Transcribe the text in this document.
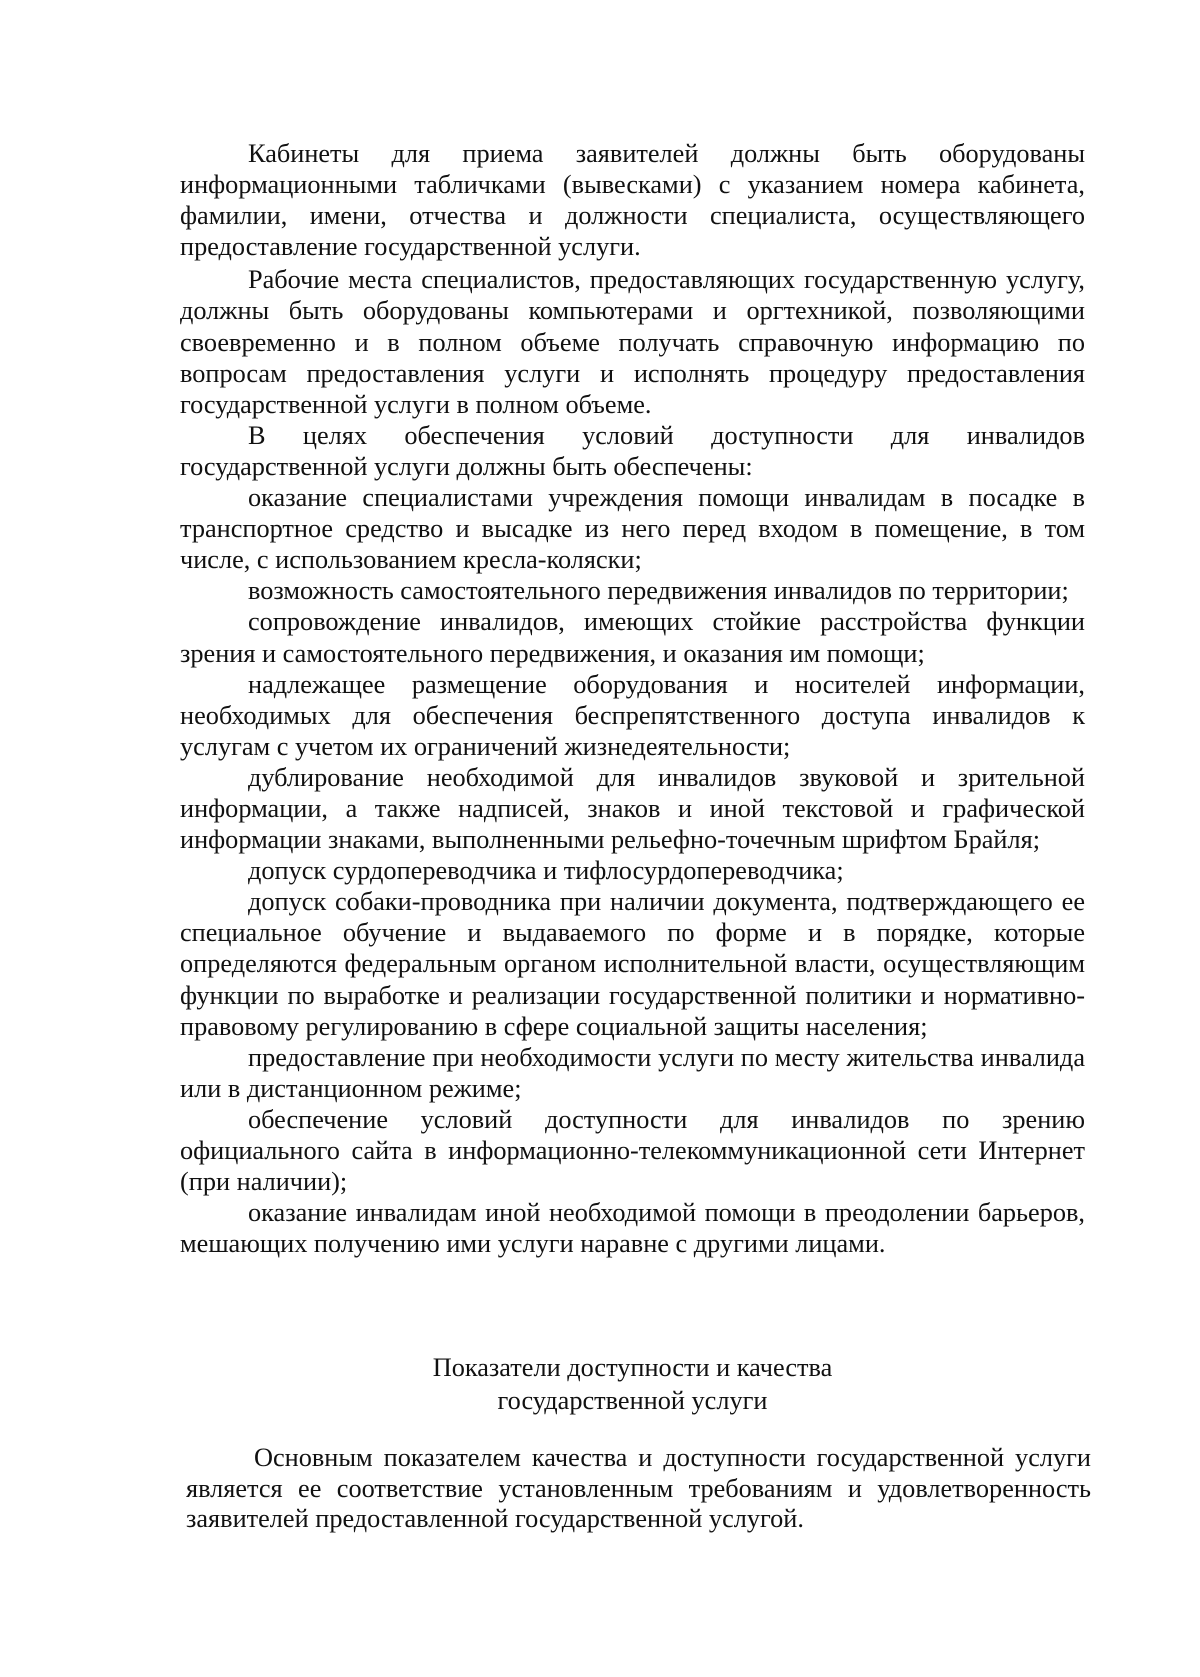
Кабинеты для приема заявителей должны быть оборудованы информационными табличками (вывесками) с указанием номера кабинета, фамилии, имени, отчества и должности специалиста, осуществляющего предоставление государственной услуги.

Рабочие места специалистов, предоставляющих государственную услугу, должны быть оборудованы компьютерами и оргтехникой, позволяющими своевременно и в полном объеме получать справочную информацию по вопросам предоставления услуги и исполнять процедуру предоставления государственной услуги в полном объеме.

В целях обеспечения условий доступности для инвалидов государственной услуги должны быть обеспечены:

оказание специалистами учреждения помощи инвалидам в посадке в транспортное средство и высадке из него перед входом в помещение, в том числе, с использованием кресла-коляски;

возможность самостоятельного передвижения инвалидов по территории;

сопровождение инвалидов, имеющих стойкие расстройства функции зрения и самостоятельного передвижения, и оказания им помощи;

надлежащее размещение оборудования и носителей информации, необходимых для обеспечения беспрепятственного доступа инвалидов к услугам с учетом их ограничений жизнедеятельности;

дублирование необходимой для инвалидов звуковой и зрительной информации, а также надписей, знаков и иной текстовой и графической информации знаками, выполненными рельефно-точечным шрифтом Брайля;

допуск сурдопереводчика и тифлосурдопереводчика;

допуск собаки-проводника при наличии документа, подтверждающего ее специальное обучение и выдаваемого по форме и в порядке, которые определяются федеральным органом исполнительной власти, осуществляющим функции по выработке и реализации государственной политики и нормативно-правовому регулированию в сфере социальной защиты населения;

предоставление при необходимости услуги по месту жительства инвалида или в дистанционном режиме;

обеспечение условий доступности для инвалидов по зрению официального сайта в информационно-телекоммуникационной сети Интернет (при наличии);

оказание инвалидам иной необходимой помощи в преодолении барьеров, мешающих получению ими услуги наравне с другими лицами.

Показатели доступности и качества
государственной услуги

Основным показателем качества и доступности государственной услуги является ее соответствие установленным требованиям и удовлетворенность заявителей предоставленной государственной услугой.
